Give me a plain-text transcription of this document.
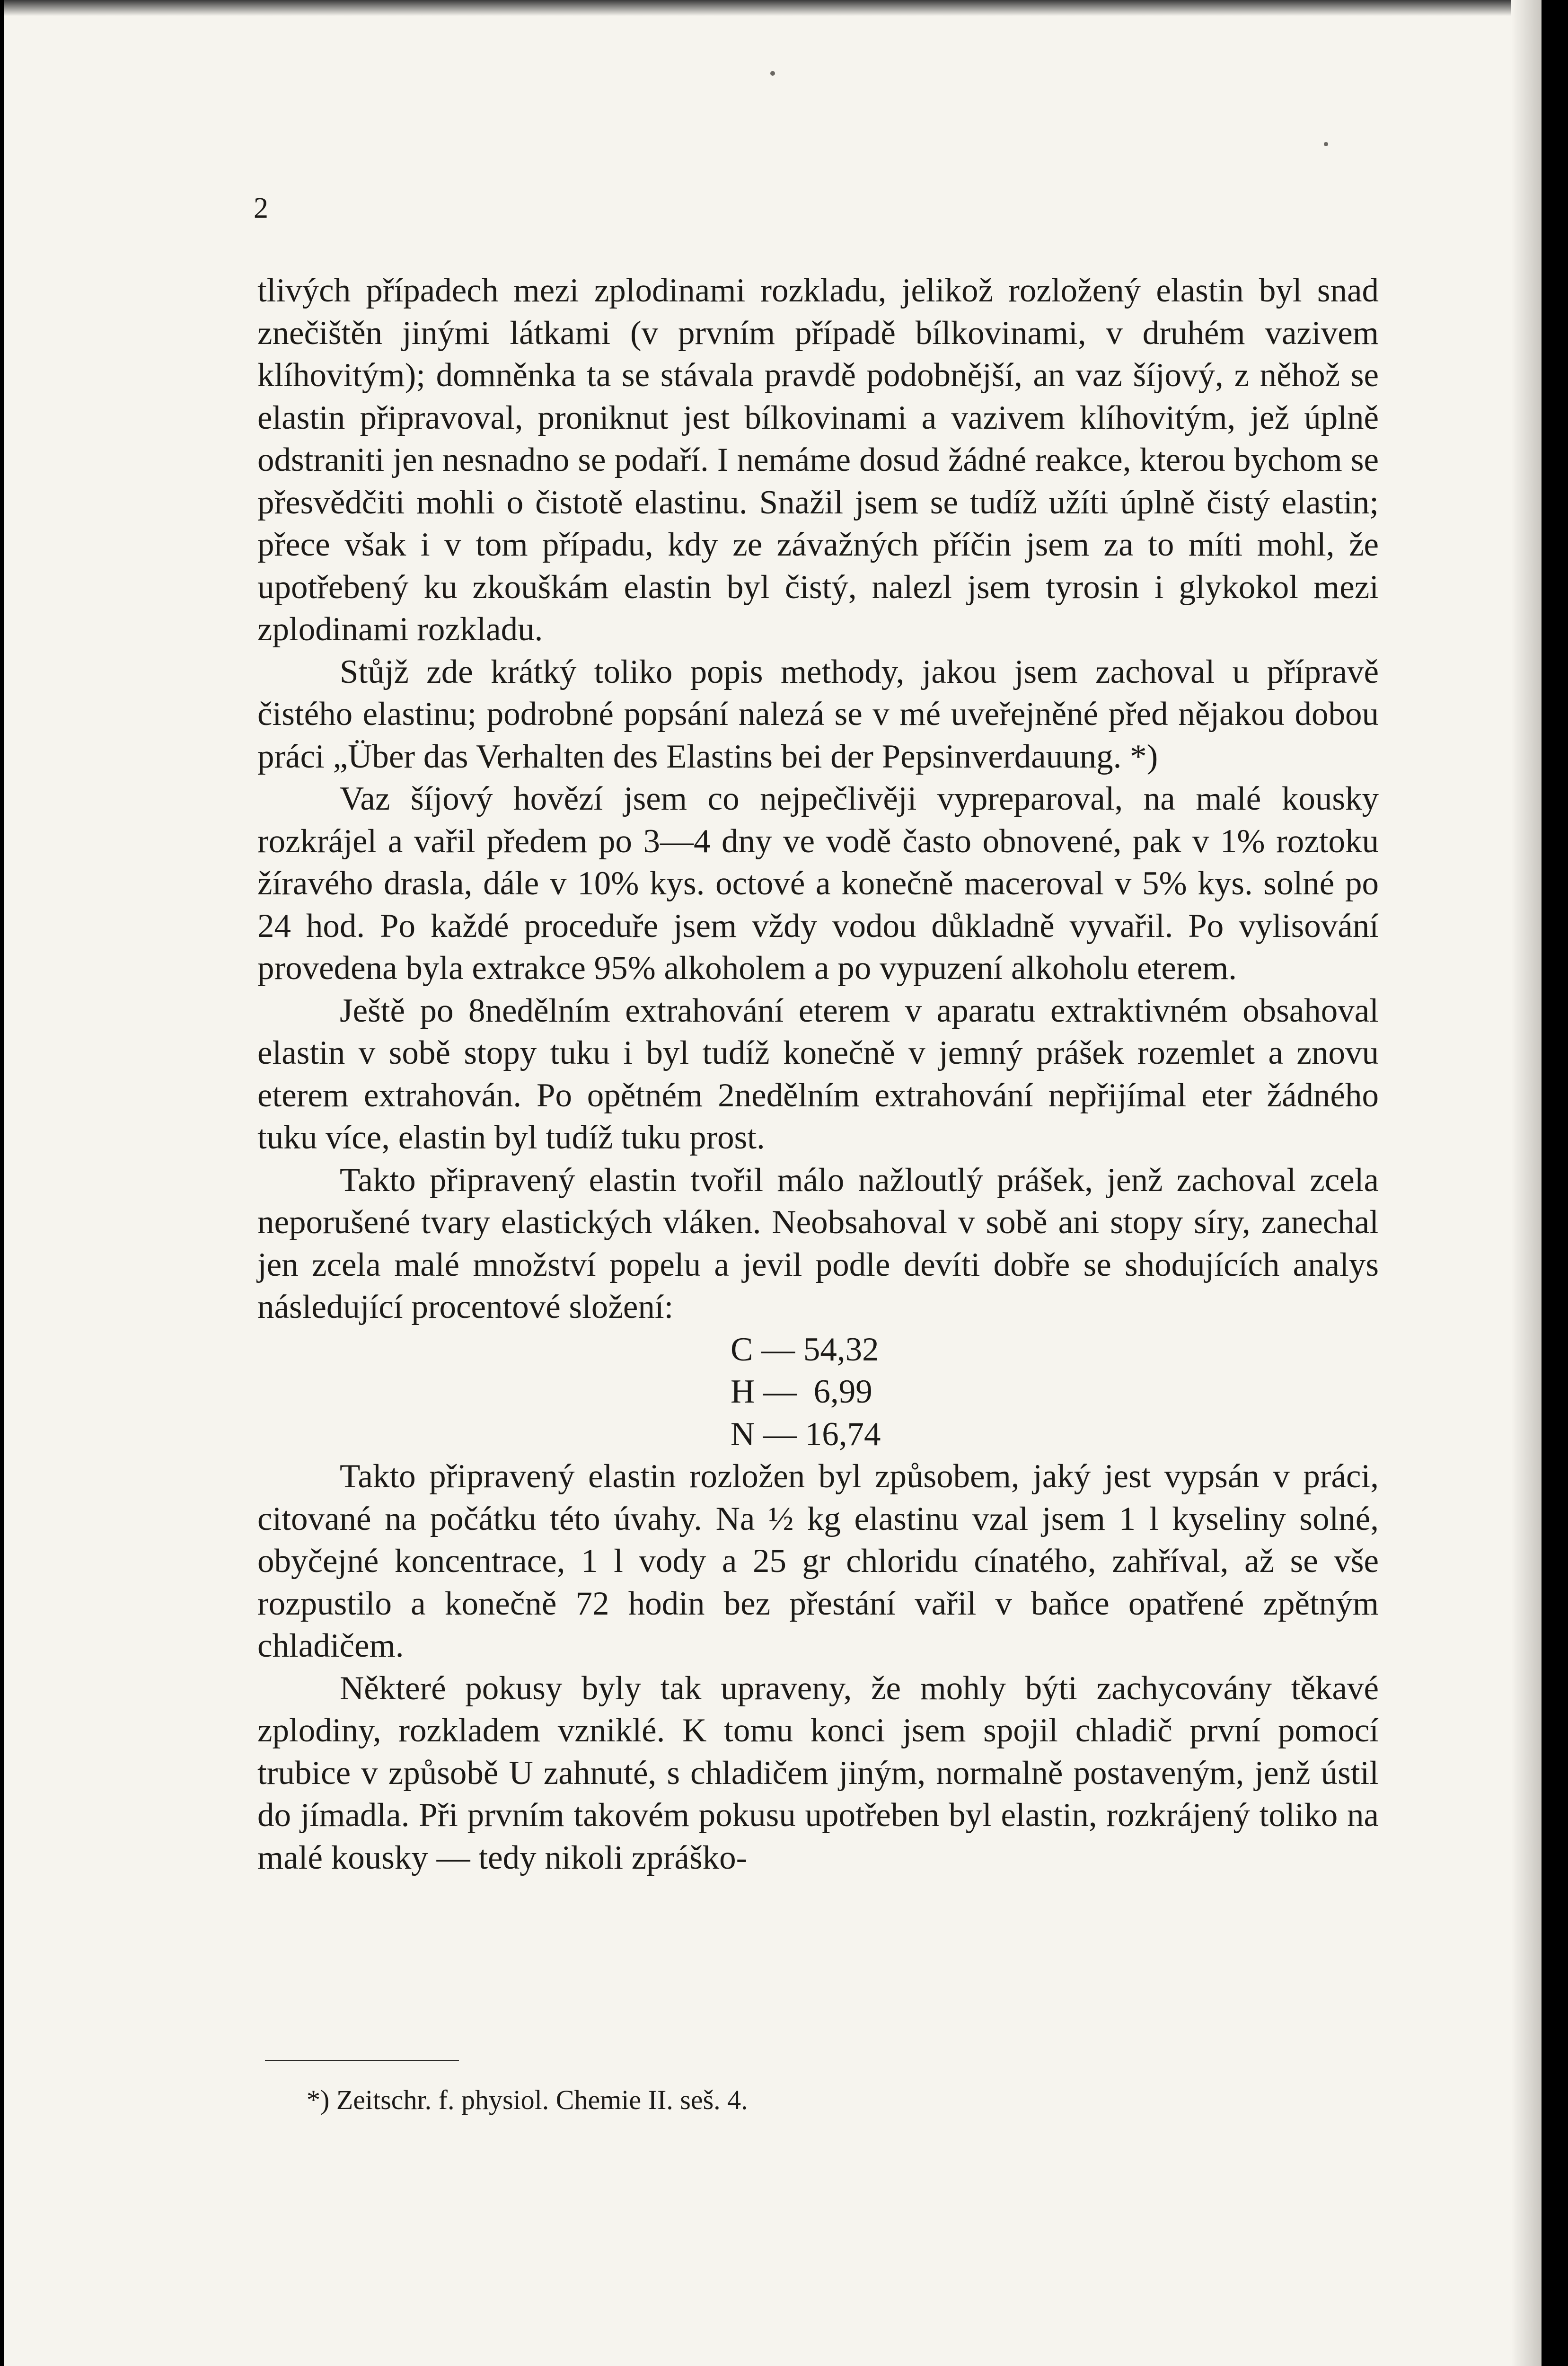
2

tlivých případech mezi zplodinami rozkladu, jelikož rozložený elastin byl snad znečištěn jinými látkami (v prvním případě bílkovinami, v druhém vazivem klíhovitým); domněnka ta se stávala pravdě podobnější, an vaz šíjový, z něhož se elastin připravoval, proniknut jest bílkovinami a vazivem klíhovitým, jež úplně odstraniti jen nesnadno se podaří. I nemáme dosud žádné reakce, kterou bychom se přesvědčiti mohli o čistotě elastinu. Snažil jsem se tudíž užíti úplně čistý elastin; přece však i v tom případu, kdy ze závažných příčin jsem za to míti mohl, že upotřebený ku zkouškám elastin byl čistý, nalezl jsem tyrosin i glykokol mezi zplodinami rozkladu.

Stůjž zde krátký toliko popis methody, jakou jsem zachoval u přípravě čistého elastinu; podrobné popsání nalezá se v mé uveřejněné před nějakou dobou práci „Über das Verhalten des Elastins bei der Pepsinverdauung. *)

Vaz šíjový hovězí jsem co nejpečlivěji vypreparoval, na malé kousky rozkrájel a vařil předem po 3—4 dny ve vodě často obnovené, pak v 1% roztoku žíravého drasla, dále v 10% kys. octové a konečně maceroval v 5% kys. solné po 24 hod. Po každé proceduře jsem vždy vodou důkladně vyvařil. Po vylisování provedena byla extrakce 95% alkoholem a po vypuzení alkoholu eterem.

Ještě po 8nedělním extrahování eterem v aparatu extraktivném obsahoval elastin v sobě stopy tuku i byl tudíž konečně v jemný prášek rozemlet a znovu eterem extrahován. Po opětném 2nedělním extrahování nepřijímal eter žádného tuku více, elastin byl tudíž tuku prost.

Takto připravený elastin tvořil málo nažloutlý prášek, jenž zachoval zcela neporušené tvary elastických vláken. Neobsahoval v sobě ani stopy síry, zanechal jen zcela malé množství popelu a jevil podle devíti dobře se shodujících analys následující procentové složení:

C — 54,32
H —  6,99
N — 16,74

Takto připravený elastin rozložen byl způsobem, jaký jest vypsán v práci, citované na počátku této úvahy. Na ½ kg elastinu vzal jsem 1 l kyseliny solné, obyčejné koncentrace, 1 l vody a 25 gr chloridu cínatého, zahříval, až se vše rozpustilo a konečně 72 hodin bez přestání vařil v baňce opatřené zpětným chladičem.

Některé pokusy byly tak upraveny, že mohly býti zachycovány těkavé zplodiny, rozkladem vzniklé. K tomu konci jsem spojil chladič první pomocí trubice v způsobě U zahnuté, s chladičem jiným, normalně postaveným, jenž ústil do jímadla. Při prvním takovém pokusu upotřeben byl elastin, rozkrájený toliko na malé kousky — tedy nikoli zpráško-

*) Zeitschr. f. physiol. Chemie II. seš. 4.
